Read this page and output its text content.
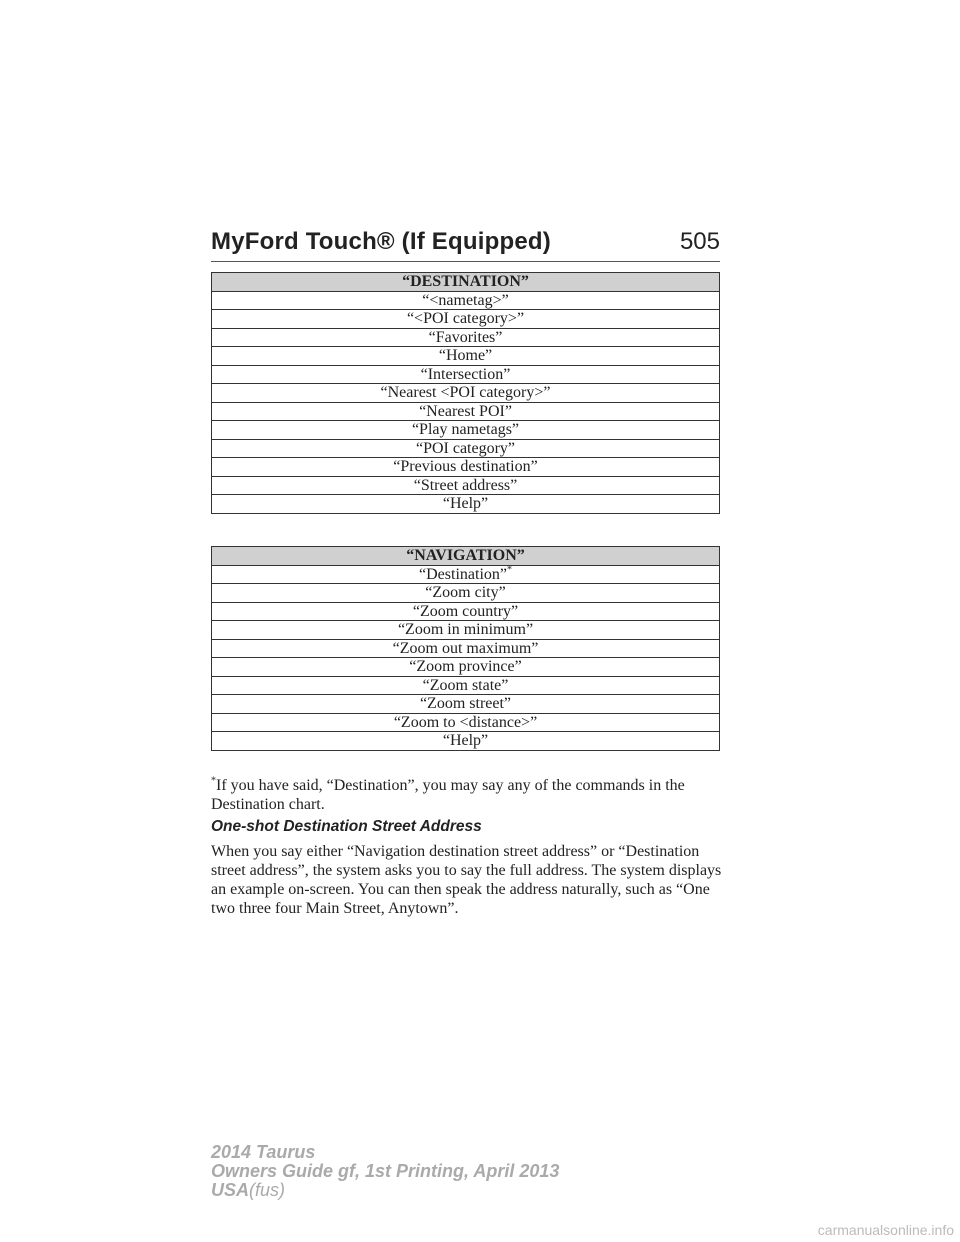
MyFord Touch® (If Equipped)	505
“DESTINATION”
“<nametag>”
“<POI category>”
“Favorites”
“Home”
“Intersection”
“Nearest <POI category>”
“Nearest POI”
“Play nametags”
“POI category”
“Previous destination”
“Street address”
“Help”
“NAVIGATION”
“Destination”*
“Zoom city”
“Zoom country”
“Zoom in minimum”
“Zoom out maximum”
“Zoom province”
“Zoom state”
“Zoom street”
“Zoom to <distance>”
“Help”
*If you have said, “Destination”, you may say any of the commands in the Destination chart.
One-shot Destination Street Address
When you say either “Navigation destination street address” or “Destination street address”, the system asks you to say the full address. The system displays an example on-screen. You can then speak the address naturally, such as “One two three four Main Street, Anytown”.
2014 Taurus
Owners Guide gf, 1st Printing, April 2013
USA(fus)
carmanualsonline.info
